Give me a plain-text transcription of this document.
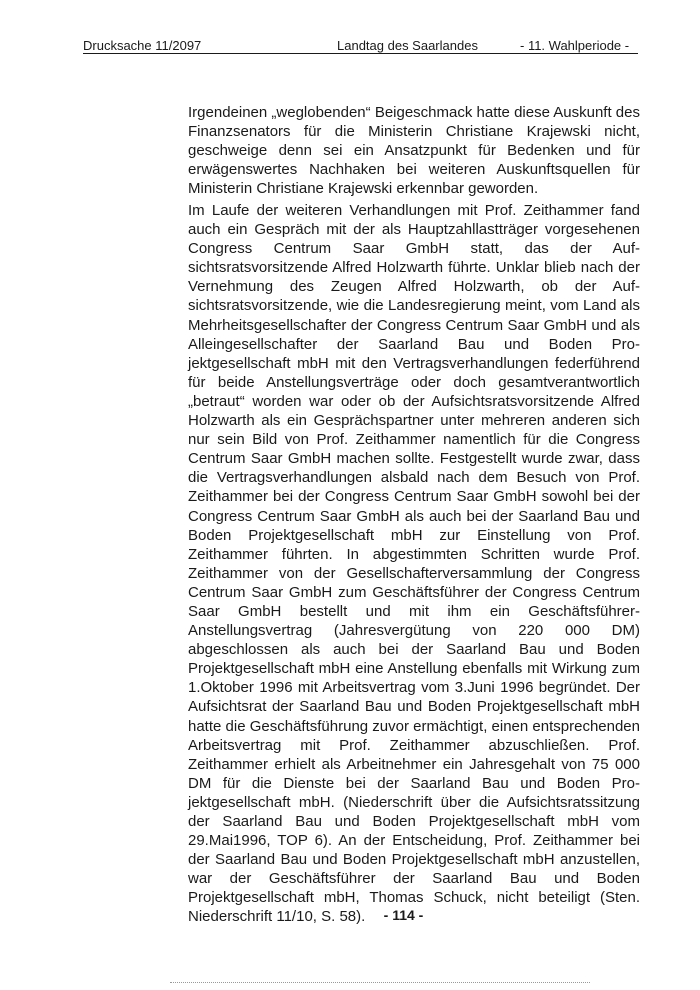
Drucksache 11/2097	Landtag des Saarlandes	- 11. Wahlperiode -

Irgendeinen „weglobenden“ Beigeschmack hatte diese Auskunft des Finanzsenators für die Ministerin Christiane Krajewski nicht, geschweige denn sei ein Ansatzpunkt für Bedenken und für erwägenswertes Nachhaken bei weiteren Auskunftsquellen für Ministerin Christiane Krajewski erkennbar geworden.

Im Laufe der weiteren Verhandlungen mit Prof. Zeithammer fand auch ein Gespräch mit der als Hauptzahllastträger vorgesehenen Congress Centrum Saar GmbH statt, das der Aufsichtsratsvorsitzende Alfred Holzwarth führte. Unklar blieb nach der Vernehmung des Zeugen Alfred Holzwarth, ob der Aufsichtsratsvorsitzende, wie die Landesregierung meint, vom Land als Mehrheitsgesellschafter der Congress Centrum Saar GmbH und als Alleingesellschafter der Saarland Bau und Boden Projektgesellschaft mbH mit den Vertragsverhandlungen federführend für beide Anstellungsverträge oder doch gesamtverantwortlich „betraut“ worden war oder ob der Aufsichtsratsvorsitzende Alfred Holzwarth als ein Gesprächspartner unter mehreren anderen sich nur sein Bild von Prof. Zeithammer namentlich für die Congress Centrum Saar GmbH machen sollte. Festgestellt wurde zwar, dass die Vertragsverhandlungen alsbald nach dem Besuch von Prof. Zeithammer bei der Congress Centrum Saar GmbH sowohl bei der Congress Centrum Saar GmbH als auch bei der Saarland Bau und Boden Projektgesellschaft mbH zur Einstellung von Prof. Zeithammer führten. In abgestimmten Schritten wurde Prof. Zeithammer von der Gesellschafterversammlung der Congress Centrum Saar GmbH zum Geschäftsführer der Congress Centrum Saar GmbH bestellt und mit ihm ein Geschäftsführer-Anstellungsvertrag (Jahresvergütung von 220 000 DM) abgeschlossen als auch bei der Saarland Bau und Boden Projektgesellschaft mbH eine Anstellung ebenfalls mit Wirkung zum 1.Oktober 1996 mit Arbeitsvertrag vom 3.Juni 1996 begründet. Der Aufsichtsrat der Saarland Bau und Boden Projektgesellschaft mbH hatte die Geschäftsführung zuvor ermächtigt, einen entsprechenden Arbeitsvertrag mit Prof. Zeithammer abzuschließen. Prof. Zeithammer erhielt als Arbeitnehmer ein Jahresgehalt von 75 000 DM für die Dienste bei der Saarland Bau und Boden Projektgesellschaft mbH. (Niederschrift über die Aufsichtsratssitzung der Saarland Bau und Boden Projektgesellschaft mbH vom 29.Mai1996, TOP 6). An der Entscheidung, Prof. Zeithammer bei der Saarland Bau und Boden Projektgesellschaft mbH anzustellen, war der Geschäftsführer der Saarland Bau und Boden Projektgesellschaft mbH, Thomas Schuck, nicht beteiligt (Sten. Niederschrift 11/10, S. 58).	- 114 -
